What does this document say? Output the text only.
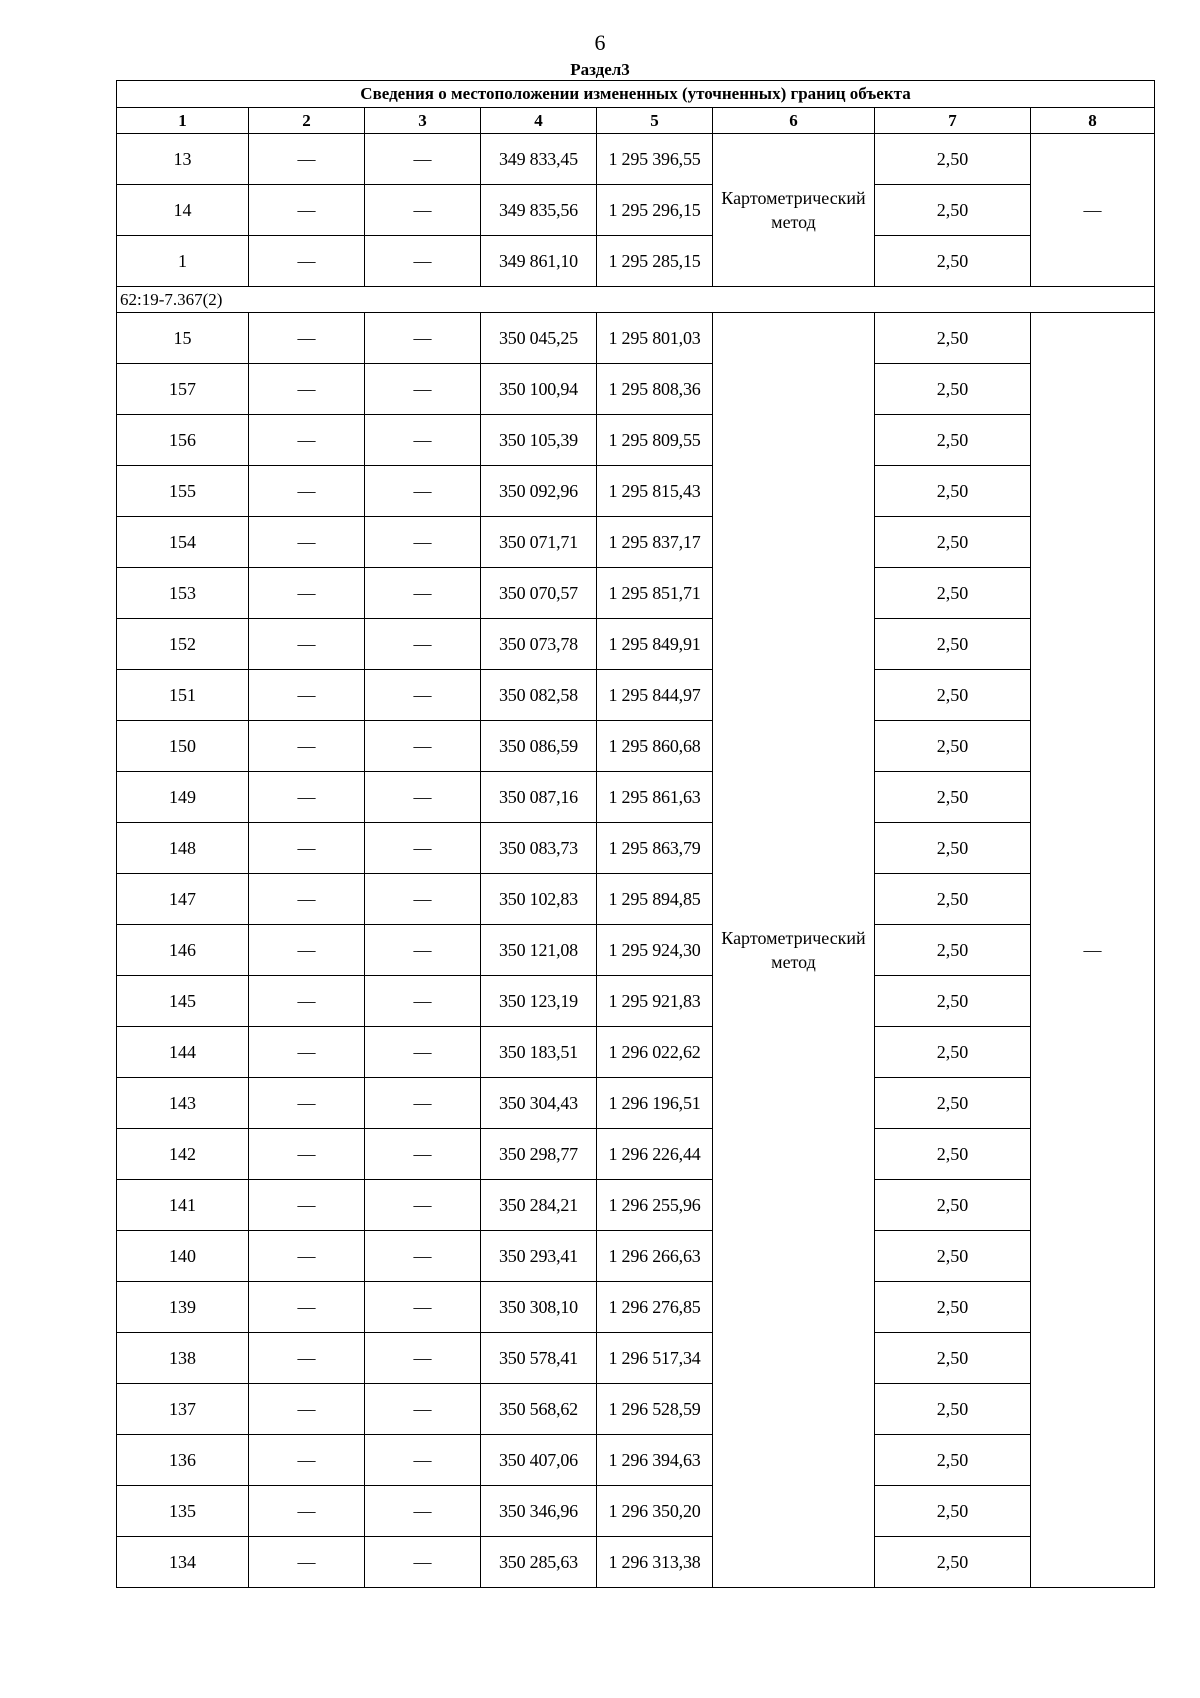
6
Раздел3
Сведения о местоположении измененных (уточненных) границ объекта							
1	2	3	4	5	6	7	8
13	—	—	349 833,45	1 295 396,55	Картометрический метод	2,50	—
14	—	—	349 835,56	1 295 296,15		2,50	
1	—	—	349 861,10	1 295 285,15		2,50	
62:19-7.367(2)							
15	—	—	350 045,25	1 295 801,03	Картометрический метод	2,50	—
157	—	—	350 100,94	1 295 808,36		2,50	
156	—	—	350 105,39	1 295 809,55		2,50	
155	—	—	350 092,96	1 295 815,43		2,50	
154	—	—	350 071,71	1 295 837,17		2,50	
153	—	—	350 070,57	1 295 851,71		2,50	
152	—	—	350 073,78	1 295 849,91		2,50	
151	—	—	350 082,58	1 295 844,97		2,50	
150	—	—	350 086,59	1 295 860,68		2,50	
149	—	—	350 087,16	1 295 861,63		2,50	
148	—	—	350 083,73	1 295 863,79		2,50	
147	—	—	350 102,83	1 295 894,85		2,50	
146	—	—	350 121,08	1 295 924,30		2,50	
145	—	—	350 123,19	1 295 921,83		2,50	
144	—	—	350 183,51	1 296 022,62		2,50	
143	—	—	350 304,43	1 296 196,51		2,50	
142	—	—	350 298,77	1 296 226,44		2,50	
141	—	—	350 284,21	1 296 255,96		2,50	
140	—	—	350 293,41	1 296 266,63		2,50	
139	—	—	350 308,10	1 296 276,85		2,50	
138	—	—	350 578,41	1 296 517,34		2,50	
137	—	—	350 568,62	1 296 528,59		2,50	
136	—	—	350 407,06	1 296 394,63		2,50	
135	—	—	350 346,96	1 296 350,20		2,50	
134	—	—	350 285,63	1 296 313,38		2,50	
